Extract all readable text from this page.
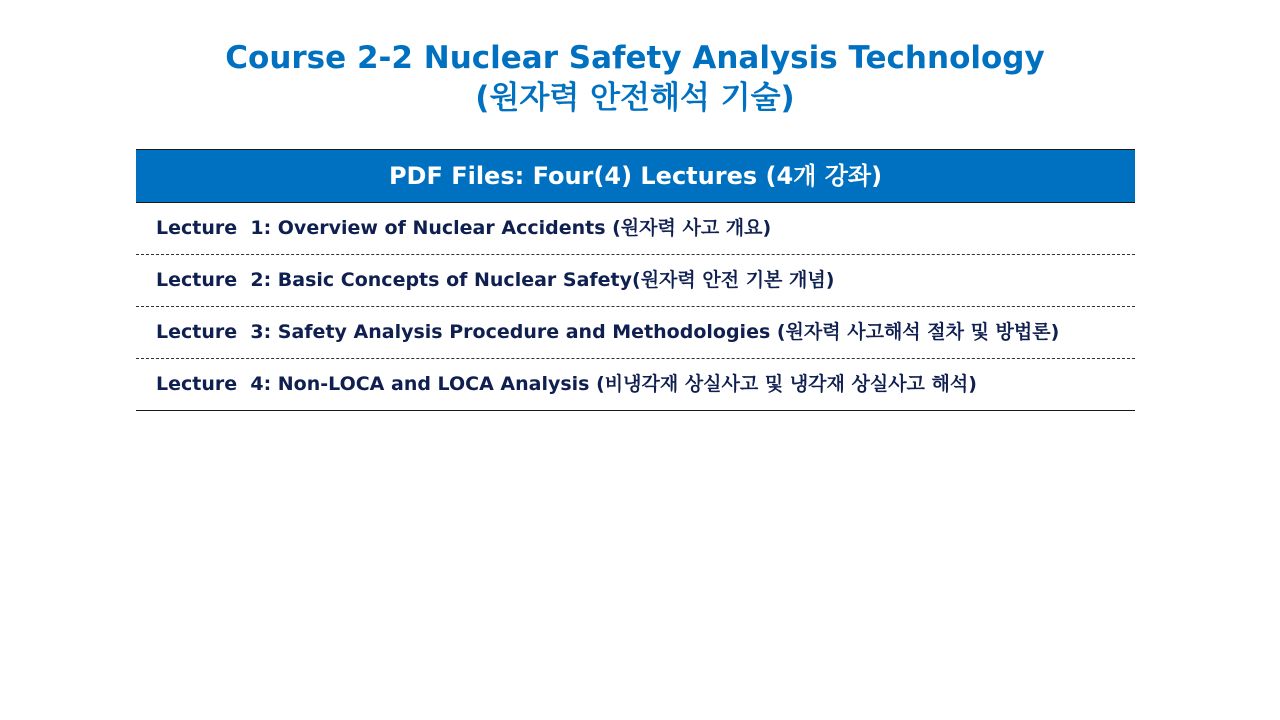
Course 2-2 Nuclear Safety Analysis Technology
(원자력 안전해석 기술)
PDF Files: Four(4) Lectures (4개 강좌)
Lecture  1: Overview of Nuclear Accidents (원자력 사고 개요)
Lecture  2: Basic Concepts of Nuclear Safety(원자력 안전 기본 개념)
Lecture  3: Safety Analysis Procedure and Methodologies (원자력 사고해석 절차 및 방법론)
Lecture  4: Non-LOCA and LOCA Analysis (비냉각재 상실사고 및 냉각재 상실사고 해석)
